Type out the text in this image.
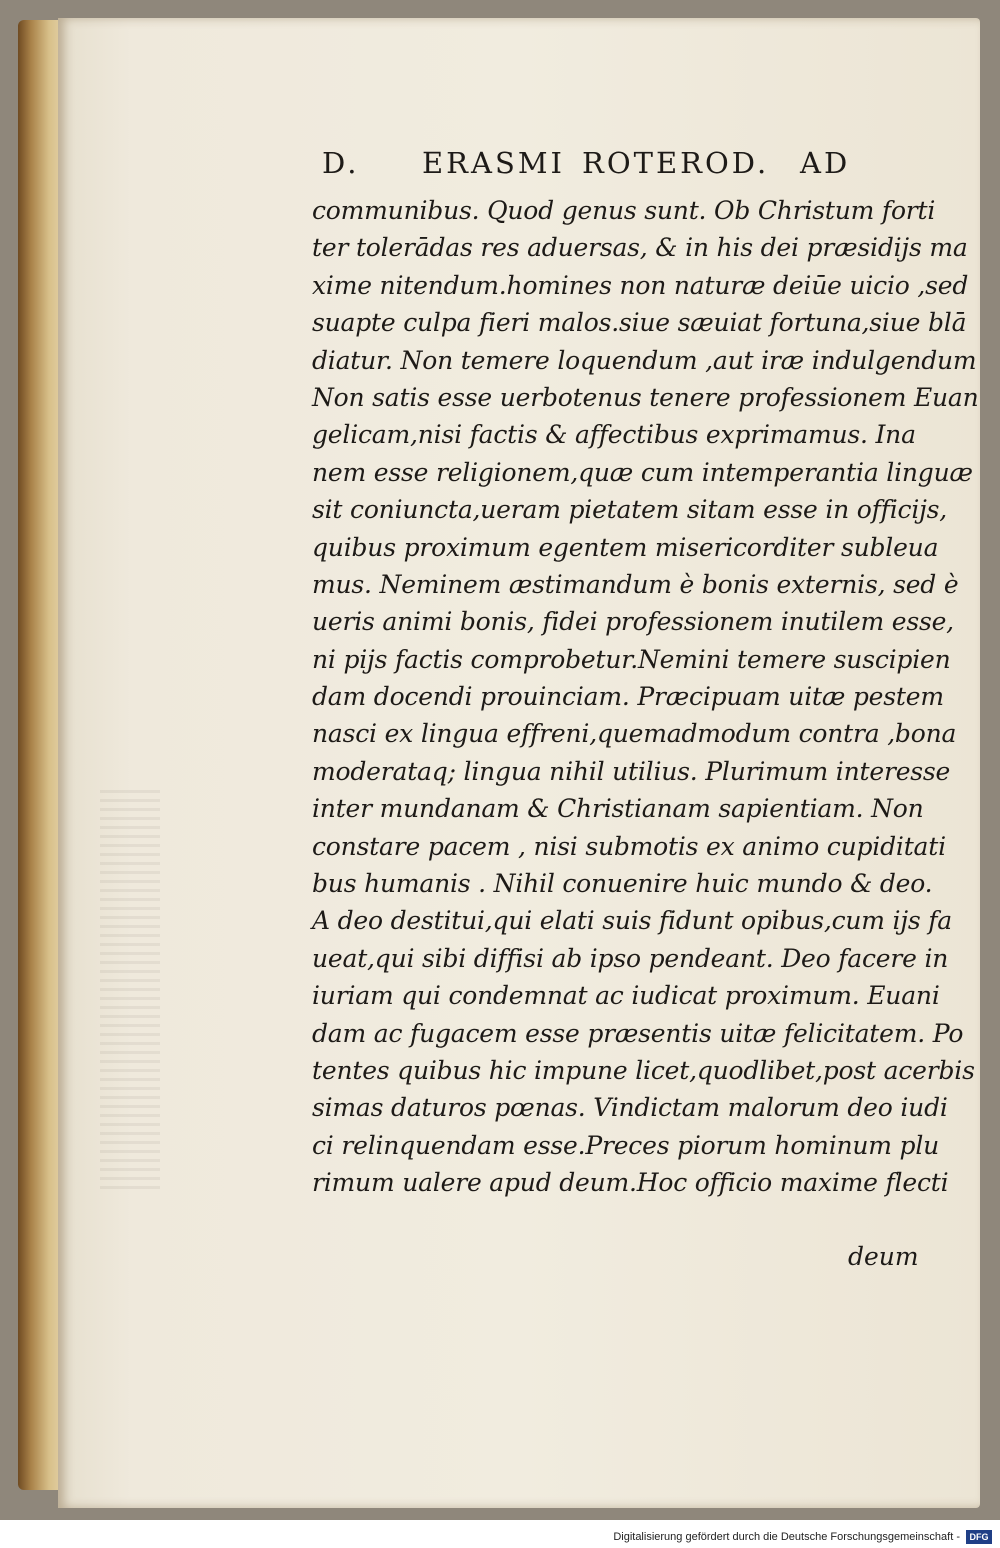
D. ERASMI ROTEROD. AD
communibus. Quod genus sunt. Ob Christum forti
ter tolerādas res aduersas, & in his dei præsidijs ma
xime nitendum.homines non naturæ deiūe uicio ,sed
suapte culpa fieri malos.siue sæuiat fortuna,siue blā
diatur. Non temere loquendum ,aut iræ indulgendum
Non satis esse uerbotenus tenere professionem Euan
gelicam,nisi factis & affectibus exprimamus. Ina
nem esse religionem,quæ cum intemperantia linguæ
sit coniuncta,ueram pietatem sitam esse in officijs,
quibus proximum egentem misericorditer subleua
mus. Neminem æstimandum è bonis externis, sed è
ueris animi bonis, fidei professionem inutilem esse,
ni pijs factis comprobetur.Nemini temere suscipien
dam docendi prouinciam. Præcipuam uitæ pestem
nasci ex lingua effreni,quemadmodum contra ,bona
moderataq; lingua nihil utilius. Plurimum interesse
inter mundanam & Christianam sapientiam. Non
constare pacem , nisi submotis ex animo cupiditati
bus humanis . Nihil conuenire huic mundo & deo.
A deo destitui,qui elati suis fidunt opibus,cum ijs fa
ueat,qui sibi diffisi ab ipso pendeant. Deo facere in
iuriam qui condemnat ac iudicat proximum. Euani
dam ac fugacem esse præsentis uitæ felicitatem. Po
tentes quibus hic impune licet,quodlibet,post acerbis
simas daturos pœnas. Vindictam malorum deo iudi
ci relinquendam esse.Preces piorum hominum plu
rimum ualere apud deum.Hoc officio maxime flecti
deum
Digitalisierung gefördert durch die Deutsche Forschungsgemeinschaft -	DFG
